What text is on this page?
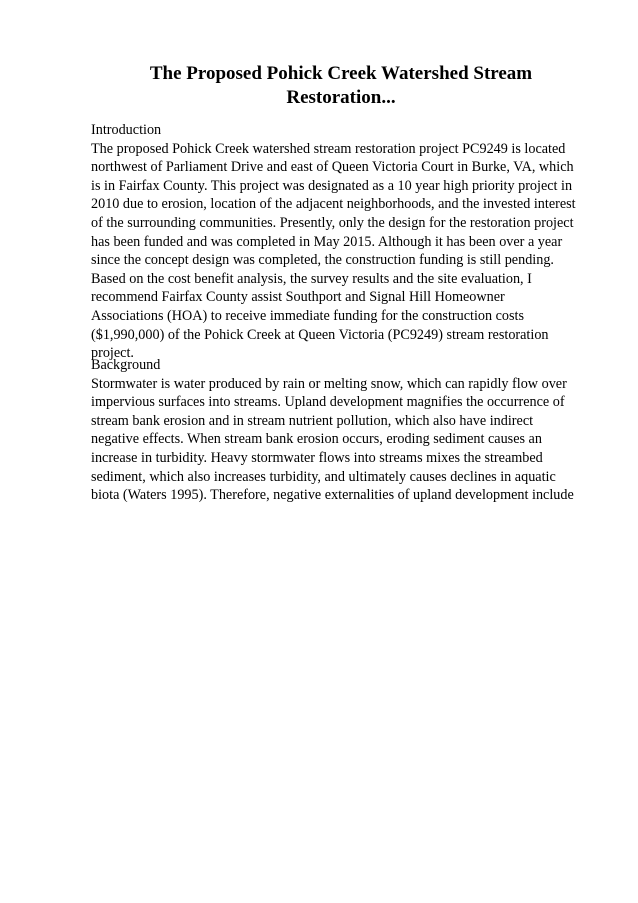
The Proposed Pohick Creek Watershed Stream
Restoration...
Introduction
The proposed Pohick Creek watershed stream restoration project PC9249 is located
northwest of Parliament Drive and east of Queen Victoria Court in Burke, VA, which
is in Fairfax County. This project was designated as a 10 year high priority project in
2010 due to erosion, location of the adjacent neighborhoods, and the invested interest
of the surrounding communities. Presently, only the design for the restoration project
has been funded and was completed in May 2015. Although it has been over a year
since the concept design was completed, the construction funding is still pending.
Based on the cost benefit analysis, the survey results and the site evaluation, I
recommend Fairfax County assist Southport and Signal Hill Homeowner
Associations (HOA) to receive immediate funding for the construction costs
($1,990,000) of the Pohick Creek at Queen Victoria (PC9249) stream restoration
project.
Background
Stormwater is water produced by rain or melting snow, which can rapidly flow over
impervious surfaces into streams. Upland development magnifies the occurrence of
stream bank erosion and in stream nutrient pollution, which also have indirect
negative effects. When stream bank erosion occurs, eroding sediment causes an
increase in turbidity. Heavy stormwater flows into streams mixes the streambed
sediment, which also increases turbidity, and ultimately causes declines in aquatic
biota (Waters 1995). Therefore, negative externalities of upland development include
